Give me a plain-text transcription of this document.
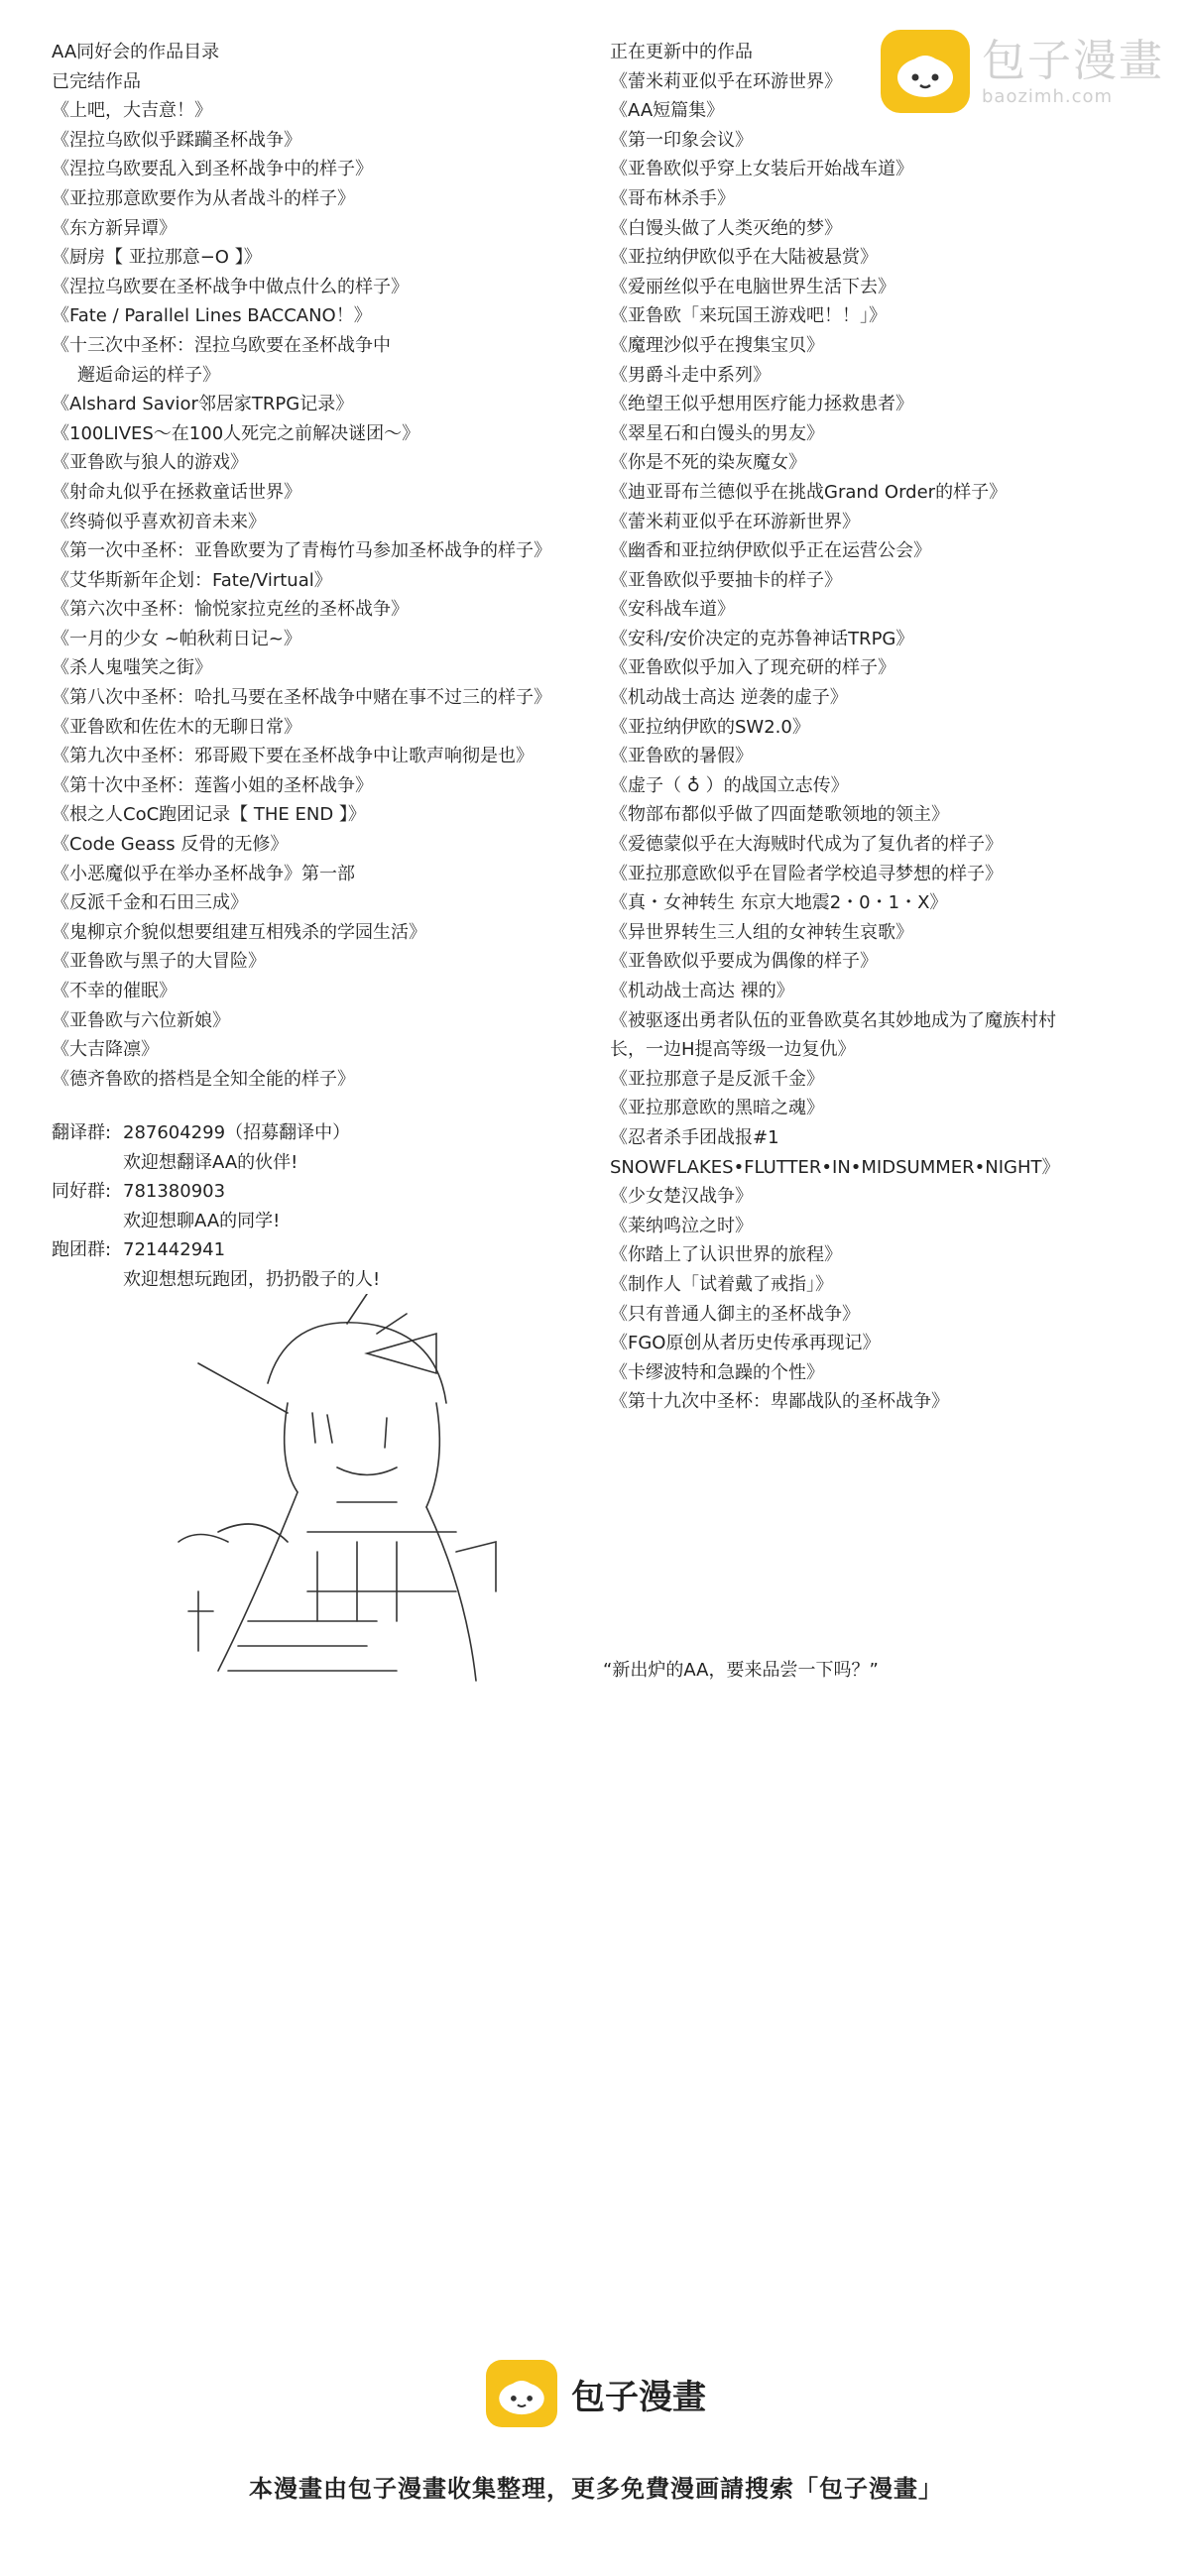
包子漫畫
baozimh.com
AA同好会的作品目录
已完结作品
《上吧，大吉意！》
《涅拉乌欧似乎蹂躏圣杯战争》
《涅拉乌欧要乱入到圣杯战争中的样子》
《亚拉那意欧要作为从者战斗的样子》
《东方新异谭》
《厨房【 亚拉那意−O 】》
《涅拉乌欧要在圣杯战争中做点什么的样子》
《Fate / Parallel Lines BACCANO！》
《十三次中圣杯：涅拉乌欧要在圣杯战争中
邂逅命运的样子》
《Alshard Savior邻居家TRPG记录》
《100LIVES～在100人死完之前解决谜团～》
《亚鲁欧与狼人的游戏》
《射命丸似乎在拯救童话世界》
《终骑似乎喜欢初音未来》
《第一次中圣杯：亚鲁欧要为了青梅竹马参加圣杯战争的样子》
《艾华斯新年企划：Fate/Virtual》
《第六次中圣杯：愉悦家拉克丝的圣杯战争》
《一月的少女 ~帕秋莉日记~》
《杀人鬼嗤笑之街》
《第八次中圣杯：哈扎马要在圣杯战争中赌在事不过三的样子》
《亚鲁欧和佐佐木的无聊日常》
《第九次中圣杯：邪哥殿下要在圣杯战争中让歌声响彻是也》
《第十次中圣杯：莲酱小姐的圣杯战争》
《根之人CoC跑团记录【 THE END 】》
《Code Geass 反骨的无修》
《小恶魔似乎在举办圣杯战争》第一部
《反派千金和石田三成》
《鬼柳京介貌似想要组建互相残杀的学园生活》
《亚鲁欧与黑子的大冒险》
《不幸的催眠》
《亚鲁欧与六位新娘》
《大吉降凛》
《德齐鲁欧的搭档是全知全能的样子》
翻译群: 287604299（招募翻译中）
欢迎想翻译AA的伙伴!
同好群: 781380903
欢迎想聊AA的同学!
跑团群: 721442941
欢迎想想玩跑团，扔扔骰子的人!
正在更新中的作品
《蕾米莉亚似乎在环游世界》
《AA短篇集》
《第一印象会议》
《亚鲁欧似乎穿上女装后开始战车道》
《哥布林杀手》
《白馒头做了人类灭绝的梦》
《亚拉纳伊欧似乎在大陆被悬赏》
《爱丽丝似乎在电脑世界生活下去》
《亚鲁欧「来玩国王游戏吧！！」》
《魔理沙似乎在搜集宝贝》
《男爵斗走中系列》
《绝望王似乎想用医疗能力拯救患者》
《翠星石和白馒头的男友》
《你是不死的染灰魔女》
《迪亚哥布兰德似乎在挑战Grand Order的样子》
《蕾米莉亚似乎在环游新世界》
《幽香和亚拉纳伊欧似乎正在运营公会》
《亚鲁欧似乎要抽卡的样子》
《安科战车道》
《安科/安价决定的克苏鲁神话TRPG》
《亚鲁欧似乎加入了现充研的样子》
《机动战士高达 逆袭的虚子》
《亚拉纳伊欧的SW2.0》
《亚鲁欧的暑假》
《虚子（ ♁ ）的战国立志传》
《物部布都似乎做了四面楚歌领地的领主》
《爱德蒙似乎在大海贼时代成为了复仇者的样子》
《亚拉那意欧似乎在冒险者学校追寻梦想的样子》
《真・女神转生 东京大地震2・0・1・X》
《异世界转生三人组的女神转生哀歌》
《亚鲁欧似乎要成为偶像的样子》
《机动战士高达 裸的》
《被驱逐出勇者队伍的亚鲁欧莫名其妙地成为了魔族村村长，一边H提高等级一边复仇》
《亚拉那意子是反派千金》
《亚拉那意欧的黑暗之魂》
《忍者杀手团战报#1 SNOWFLAKES•FLUTTER•IN•MIDSUMMER•NIGHT》
《少女楚汉战争》
《莱纳鸣泣之时》
《你踏上了认识世界的旅程》
《制作人「试着戴了戒指」》
《只有普通人御主的圣杯战争》
《FGO原创从者历史传承再现记》
《卡缪波特和急躁的个性》
《第十九次中圣杯：卑鄙战队的圣杯战争》
“新出炉的AA，要来品尝一下吗？”
包子漫畫
本漫畫由包子漫畫收集整理，更多免費漫画請搜索「包子漫畫」
